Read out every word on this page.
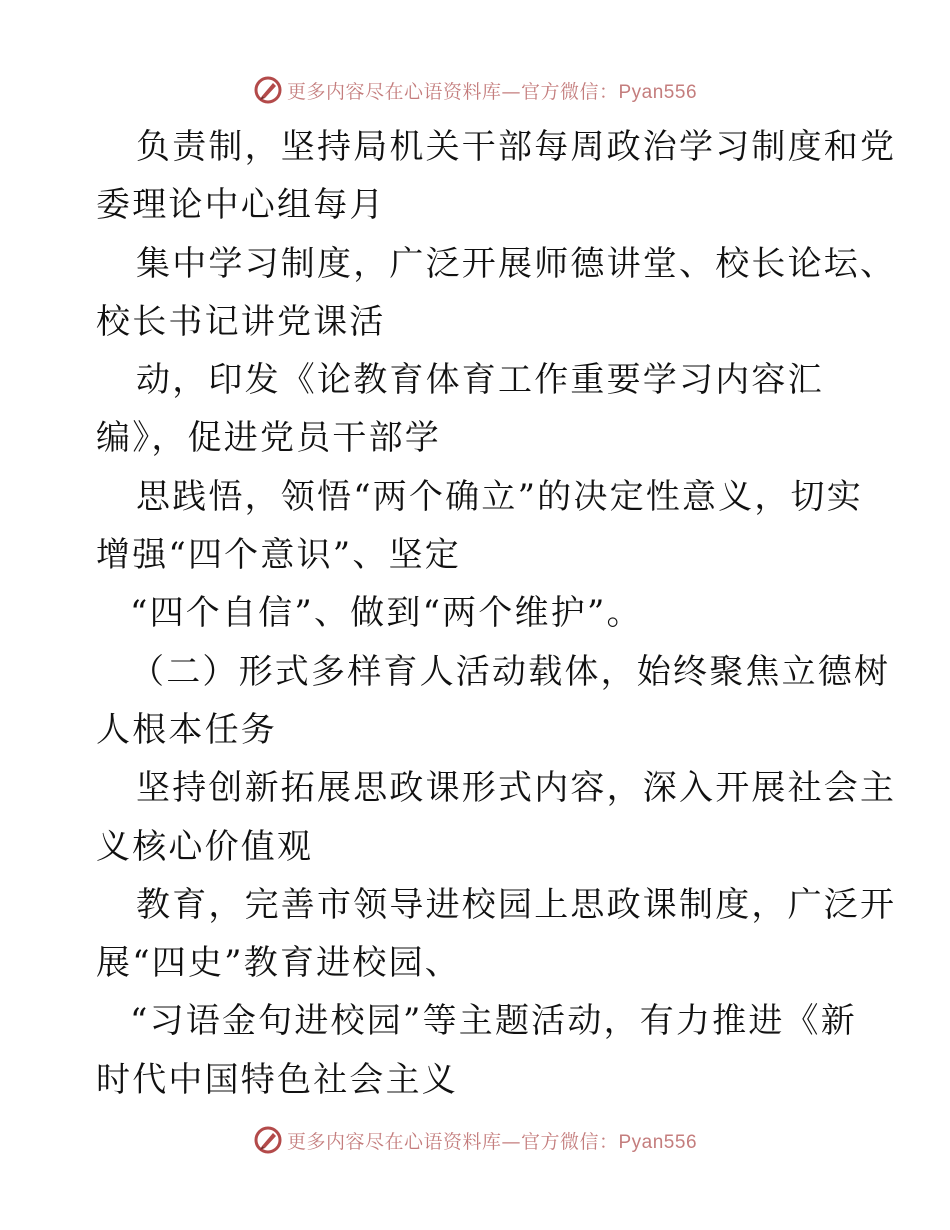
更多内容尽在心语资料库—官方微信：Pyan556
负责制，坚持局机关干部每周政治学习制度和党
委理论中心组每月
集中学习制度，广泛开展师德讲堂、校长论坛、
校长书记讲党课活
动，印发《论教育体育工作重要学习内容汇
编》，促进党员干部学
思践悟，领悟“两个确立”的决定性意义，切实
增强“四个意识”、坚定
“四个自信”、做到“两个维护”。
（二）形式多样育人活动载体，始终聚焦立德树
人根本任务
坚持创新拓展思政课形式内容，深入开展社会主
义核心价值观
教育，完善市领导进校园上思政课制度，广泛开
展“四史”教育进校园、
“习语金句进校园”等主题活动，有力推进《新
时代中国特色社会主义
更多内容尽在心语资料库—官方微信：Pyan556
